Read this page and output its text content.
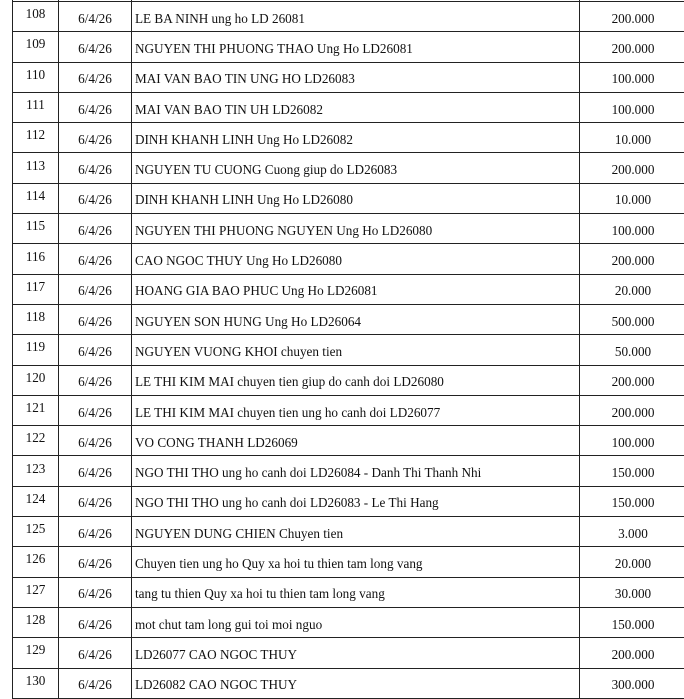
108	6/4/26	LE BA NINH ung ho LD 26081	200.000
109	6/4/26	NGUYEN THI PHUONG THAO Ung Ho LD26081	200.000
110	6/4/26	MAI VAN BAO TIN UNG HO LD26083	100.000
111	6/4/26	MAI VAN BAO TIN UH LD26082	100.000
112	6/4/26	DINH KHANH LINH Ung Ho LD26082	10.000
113	6/4/26	NGUYEN TU CUONG Cuong giup do LD26083	200.000
114	6/4/26	DINH KHANH LINH Ung Ho LD26080	10.000
115	6/4/26	NGUYEN THI PHUONG NGUYEN Ung Ho LD26080	100.000
116	6/4/26	CAO NGOC THUY Ung Ho LD26080	200.000
117	6/4/26	HOANG GIA BAO PHUC Ung Ho LD26081	20.000
118	6/4/26	NGUYEN SON HUNG Ung Ho LD26064	500.000
119	6/4/26	NGUYEN VUONG KHOI chuyen tien	50.000
120	6/4/26	LE THI KIM MAI chuyen tien giup do canh doi LD26080	200.000
121	6/4/26	LE THI KIM MAI chuyen tien ung ho canh doi LD26077	200.000
122	6/4/26	VO CONG THANH LD26069	100.000
123	6/4/26	NGO THI THO ung ho canh doi LD26084 - Danh Thi Thanh Nhi	150.000
124	6/4/26	NGO THI THO ung ho canh doi LD26083 - Le Thi Hang	150.000
125	6/4/26	NGUYEN DUNG CHIEN Chuyen tien	3.000
126	6/4/26	Chuyen tien ung ho Quy xa hoi tu thien tam long vang	20.000
127	6/4/26	tang tu thien Quy xa hoi tu thien tam long vang	30.000
128	6/4/26	mot chut tam long gui toi moi nguo	150.000
129	6/4/26	LD26077 CAO NGOC THUY	200.000
130	6/4/26	LD26082 CAO NGOC THUY	300.000
